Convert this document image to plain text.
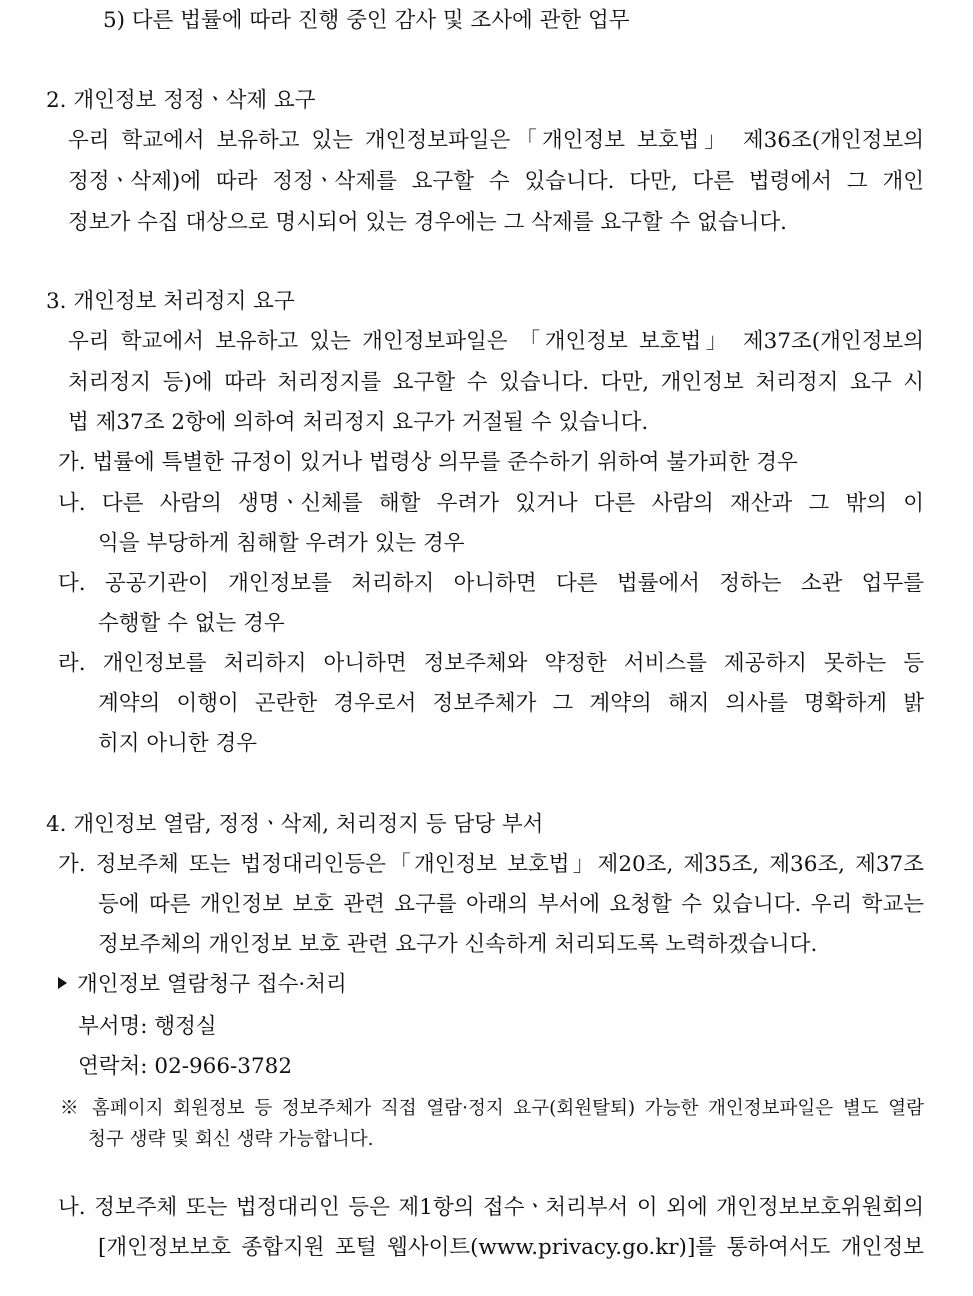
5) 다른 법률에 따라 진행 중인 감사 및 조사에 관한 업무
2. 개인정보 정정ㆍ삭제 요구
우리 학교에서 보유하고 있는 개인정보파일은「개인정보 보호법」 제36조(개인정보의
정정ㆍ삭제)에 따라 정정ㆍ삭제를 요구할 수 있습니다. 다만, 다른 법령에서 그 개인
정보가 수집 대상으로 명시되어 있는 경우에는 그 삭제를 요구할 수 없습니다.
3. 개인정보 처리정지 요구
우리 학교에서 보유하고 있는 개인정보파일은 「개인정보 보호법」 제37조(개인정보의
처리정지 등)에 따라 처리정지를 요구할 수 있습니다. 다만, 개인정보 처리정지 요구 시
법 제37조 2항에 의하여 처리정지 요구가 거절될 수 있습니다.
가. 법률에 특별한 규정이 있거나 법령상 의무를 준수하기 위하여 불가피한 경우
나. 다른 사람의 생명ㆍ신체를 해할 우려가 있거나 다른 사람의 재산과 그 밖의 이
익을 부당하게 침해할 우려가 있는 경우
다. 공공기관이 개인정보를 처리하지 아니하면 다른 법률에서 정하는 소관 업무를
수행할 수 없는 경우
라. 개인정보를 처리하지 아니하면 정보주체와 약정한 서비스를 제공하지 못하는 등
계약의 이행이 곤란한 경우로서 정보주체가 그 계약의 해지 의사를 명확하게 밝
히지 아니한 경우
4. 개인정보 열람, 정정ㆍ삭제, 처리정지 등 담당 부서
가. 정보주체 또는 법정대리인등은「개인정보 보호법」제20조, 제35조, 제36조, 제37조
등에 따른 개인정보 보호 관련 요구를 아래의 부서에 요청할 수 있습니다. 우리 학교는
정보주체의 개인정보 보호 관련 요구가 신속하게 처리되도록 노력하겠습니다.
개인정보 열람청구 접수·처리
부서명: 행정실
연락처: 02-966-3782
※ 홈페이지 회원정보 등 정보주체가 직접 열람·정지 요구(회원탈퇴) 가능한 개인정보파일은 별도 열람
청구 생략 및 회신 생략 가능합니다.
나. 정보주체 또는 법정대리인 등은 제1항의 접수ㆍ처리부서 이 외에 개인정보보호위원회의
[개인정보보호 종합지원 포털 웹사이트(www.privacy.go.kr)]를 통하여서도 개인정보
